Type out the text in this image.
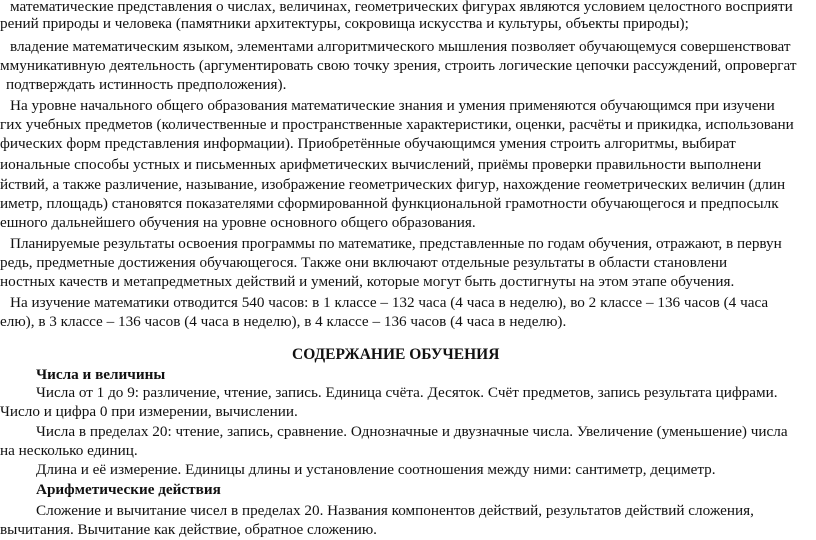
математические представления о числах, величинах, геометрических фигурах являются условием целостного восприяти
рений природы и человека (памятники архитектуры, сокровища искусства и культуры, объекты природы);
владение математическим языком, элементами алгоритмического мышления позволяет обучающемуся совершенствоват
ммуникативную деятельность (аргументировать свою точку зрения, строить логические цепочки рассуждений, опровергат
подтверждать истинность предположения).
На уровне начального общего образования математические знания и умения применяются обучающимся при изучени
гих учебных предметов (количественные и пространственные характеристики, оценки, расчёты и прикидка, использовани
фических форм представления информации). Приобретённые обучающимся умения строить алгоритмы, выбират
иональные способы устных и письменных арифметических вычислений, приёмы проверки правильности выполнени
йствий, а также различение, называние, изображение геометрических фигур, нахождение геометрических величин (длин
иметр, площадь) становятся показателями сформированной функциональной грамотности обучающегося и предпосылк
ешного дальнейшего обучения на уровне основного общего образования.
Планируемые результаты освоения программы по математике, представленные по годам обучения, отражают, в первун
редь, предметные достижения обучающегося. Также они включают отдельные результаты в области становлени
ностных качеств и метапредметных действий и умений, которые могут быть достигнуты на этом этапе обучения.
На изучение математики отводится 540 часов: в 1 классе – 132 часа (4 часа в неделю), во 2 классе – 136 часов (4 часа
елю), в 3 классе – 136 часов (4 часа в неделю), в 4 классе – 136 часов (4 часа в неделю).
СОДЕРЖАНИЕ ОБУЧЕНИЯ
Числа и величины
Числа от 1 до 9: различение, чтение, запись. Единица счёта. Десяток. Счёт предметов, запись результата цифрами.
Число и цифра 0 при измерении, вычислении.
Числа в пределах 20: чтение, запись, сравнение. Однозначные и двузначные числа. Увеличение (уменьшение) числа
на несколько единиц.
Длина и её измерение. Единицы длины и установление соотношения между ними: сантиметр, дециметр.
Арифметические действия
Сложение и вычитание чисел в пределах 20. Названия компонентов действий, результатов действий сложения,
вычитания. Вычитание как действие, обратное сложению.
